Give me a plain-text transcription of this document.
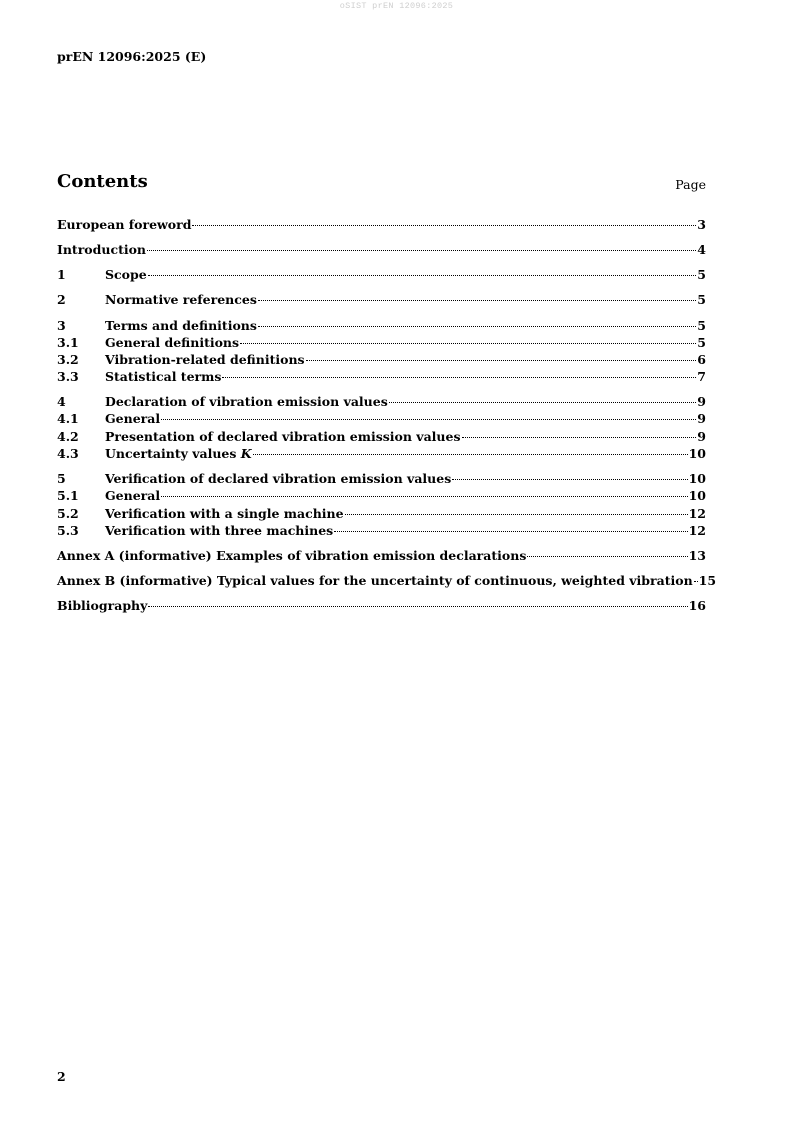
oSIST prEN 12096:2025
prEN 12096:2025 (E)
Contents	Page
European foreword	3
Introduction	4
1	Scope	5
2	Normative references	5
3	Terms and definitions	5
3.1	General definitions	5
3.2	Vibration-related definitions	6
3.3	Statistical terms	7
4	Declaration of vibration emission values	9
4.1	General	9
4.2	Presentation of declared vibration emission values	9
4.3	Uncertainty values K	10
5	Verification of declared vibration emission values	10
5.1	General	10
5.2	Verification with a single machine	12
5.3	Verification with three machines	12
Annex A (informative) Examples of vibration emission declarations	13
Annex B (informative) Typical values for the uncertainty of continuous, weighted vibration 15
Bibliography	16
2
